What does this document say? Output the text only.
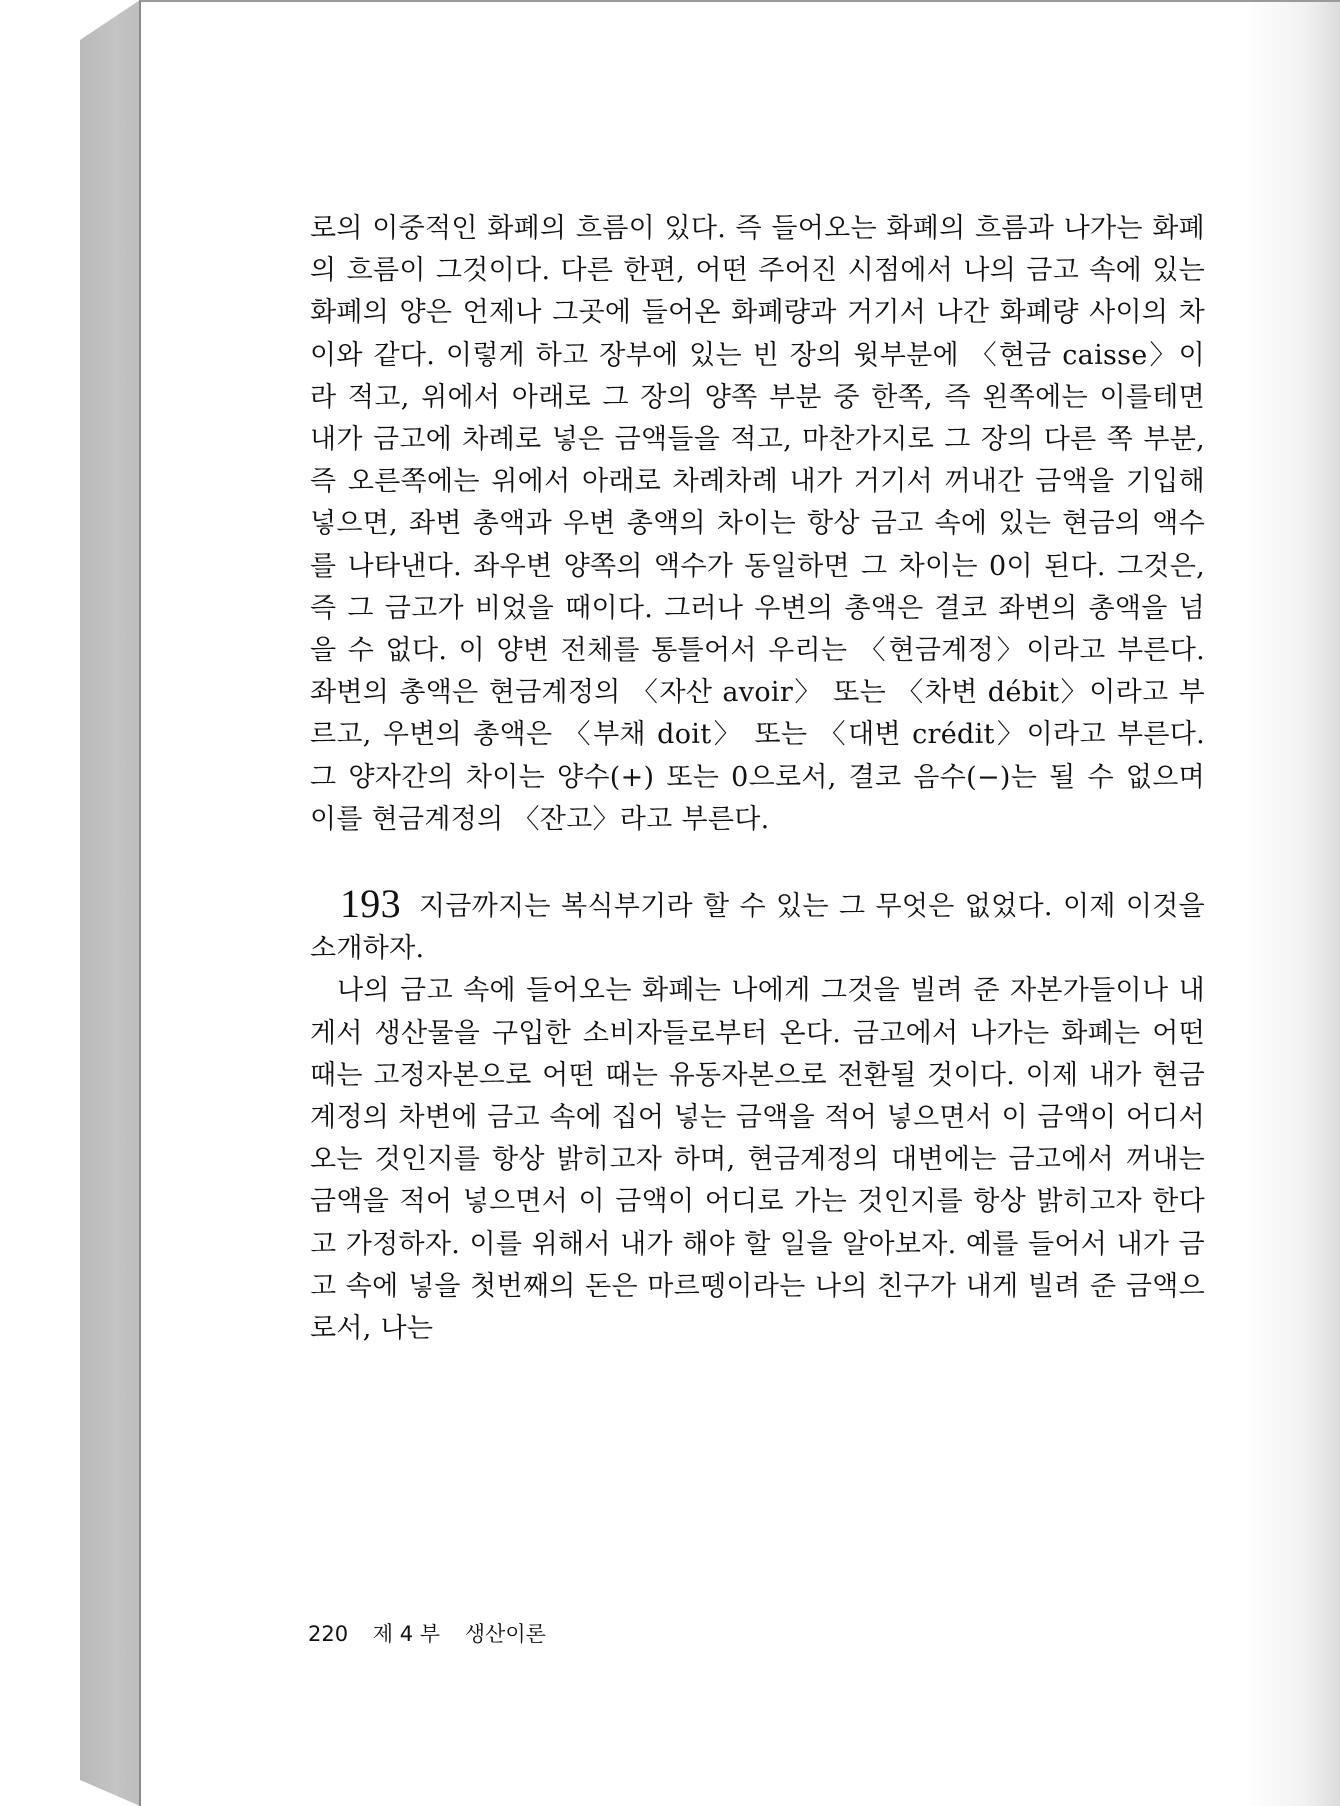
로의 이중적인 화폐의 흐름이 있다. 즉 들어오는 화폐의 흐름과 나가는 화폐의 흐름이 그것이다. 다른 한편, 어떤 주어진 시점에서 나의 금고 속에 있는 화폐의 양은 언제나 그곳에 들어온 화폐량과 거기서 나간 화폐량 사이의 차이와 같다. 이렇게 하고 장부에 있는 빈 장의 윗부분에 〈현금 caisse〉이라 적고, 위에서 아래로 그 장의 양쪽 부분 중 한쪽, 즉 왼쪽에는 이를테면 내가 금고에 차례로 넣은 금액들을 적고, 마찬가지로 그 장의 다른 쪽 부분, 즉 오른쪽에는 위에서 아래로 차례차례 내가 거기서 꺼내간 금액을 기입해 넣으면, 좌변 총액과 우변 총액의 차이는 항상 금고 속에 있는 현금의 액수를 나타낸다. 좌우변 양쪽의 액수가 동일하면 그 차이는 0이 된다. 그것은, 즉 그 금고가 비었을 때이다. 그러나 우변의 총액은 결코 좌변의 총액을 넘을 수 없다. 이 양변 전체를 통틀어서 우리는 〈현금계정〉이라고 부른다. 좌변의 총액은 현금계정의 〈자산 avoir〉 또는 〈차변 débit〉이라고 부르고, 우변의 총액은 〈부채 doit〉 또는 〈대변 crédit〉이라고 부른다. 그 양자간의 차이는 양수(+) 또는 0으로서, 결코 음수(−)는 될 수 없으며 이를 현금계정의 〈잔고〉라고 부른다.

193 지금까지는 복식부기라 할 수 있는 그 무엇은 없었다. 이제 이것을 소개하자.

나의 금고 속에 들어오는 화폐는 나에게 그것을 빌려 준 자본가들이나 내게서 생산물을 구입한 소비자들로부터 온다. 금고에서 나가는 화폐는 어떤 때는 고정자본으로 어떤 때는 유동자본으로 전환될 것이다. 이제 내가 현금계정의 차변에 금고 속에 집어 넣는 금액을 적어 넣으면서 이 금액이 어디서 오는 것인지를 항상 밝히고자 하며, 현금계정의 대변에는 금고에서 꺼내는 금액을 적어 넣으면서 이 금액이 어디로 가는 것인지를 항상 밝히고자 한다고 가정하자. 이를 위해서 내가 해야 할 일을 알아보자. 예를 들어서 내가 금고 속에 넣을 첫번째의 돈은 마르뗑이라는 나의 친구가 내게 빌려 준 금액으로서, 나는

220 제 4 부 생산이론
